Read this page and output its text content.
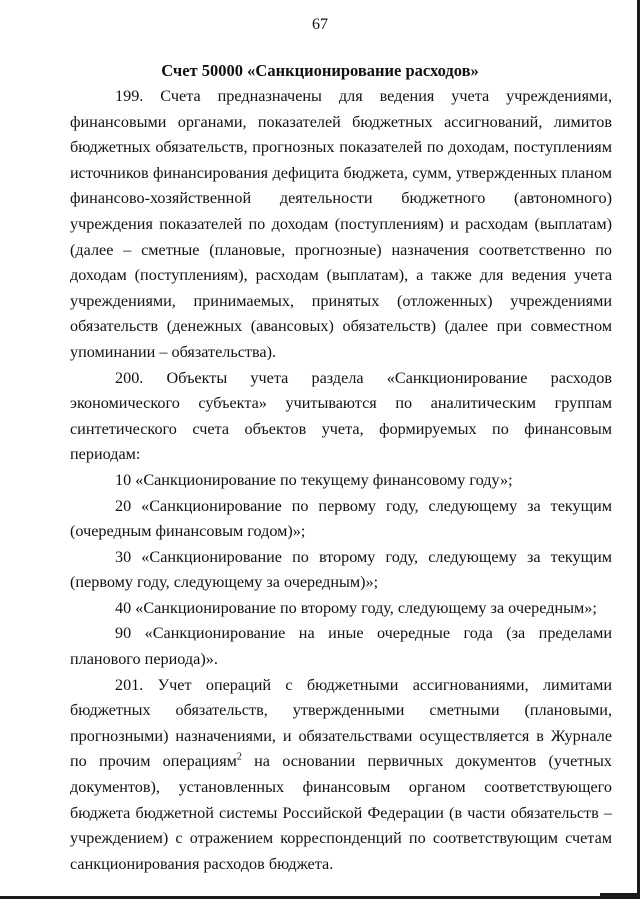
67
Счет 50000 «Санкционирование расходов»

199. Счета предназначены для ведения учета учреждениями, финансовыми органами, показателей бюджетных ассигнований, лимитов бюджетных обязательств, прогнозных показателей по доходам, поступлениям источников финансирования дефицита бюджета, сумм, утвержденных планом финансово-хозяйственной деятельности бюджетного (автономного) учреждения показателей по доходам (поступлениям) и расходам (выплатам) (далее – сметные (плановые, прогнозные) назначения соответственно по доходам (поступлениям), расходам (выплатам), а также для ведения учета учреждениями, принимаемых, принятых (отложенных) учреждениями обязательств (денежных (авансовых) обязательств) (далее при совместном упоминании – обязательства).

200. Объекты учета раздела «Санкционирование расходов экономического субъекта» учитываются по аналитическим группам синтетического счета объектов учета, формируемых по финансовым периодам:

10 «Санкционирование по текущему финансовому году»;

20 «Санкционирование по первому году, следующему за текущим (очередным финансовым годом)»;

30 «Санкционирование по второму году, следующему за текущим (первому году, следующему за очередным)»;

40 «Санкционирование по второму году, следующему за очередным»;

90 «Санкционирование на иные очередные года (за пределами планового периода)».

201. Учет операций с бюджетными ассигнованиями, лимитами бюджетных обязательств, утвержденными сметными (плановыми, прогнозными) назначениями, и обязательствами осуществляется в Журнале по прочим операциям$^2$ на основании первичных документов (учетных документов), установленных финансовым органом соответствующего бюджета бюджетной системы Российской Федерации (в части обязательств – учреждением) с отражением корреспонденций по соответствующим счетам санкционирования расходов бюджета.
